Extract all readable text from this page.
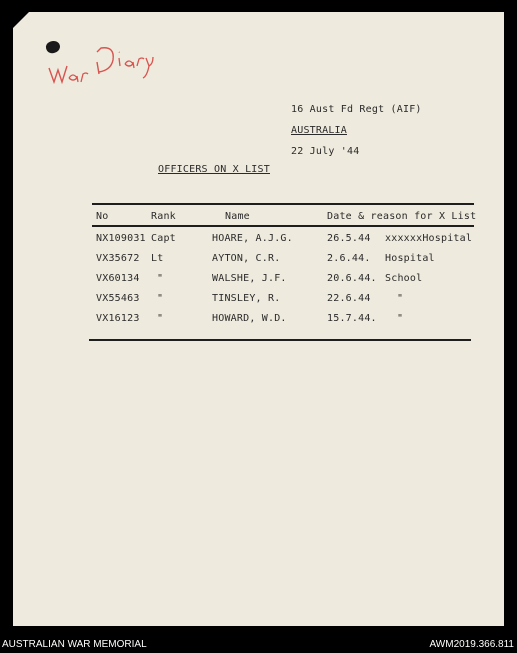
16 Aust Fd Regt (AIF)
AUSTRALIA
22 July '44
OFFICERS ON X LIST
No	Rank	Name	Date & reason for X List
NX109031 Capt	HOARE, A.J.G.	26.5.44 xxxxxxHospital
VX35672 Lt	AYTON, C.R.	2.6.44. Hospital
VX60134 "	WALSHE, J.F.	20.6.44. School
VX55463 "	TINSLEY, R.	22.6.44	"
VX16123 "	HOWARD, W.D.	15.7.44. "
AUSTRALIAN WAR MEMORIAL	AWM2019.366.811
